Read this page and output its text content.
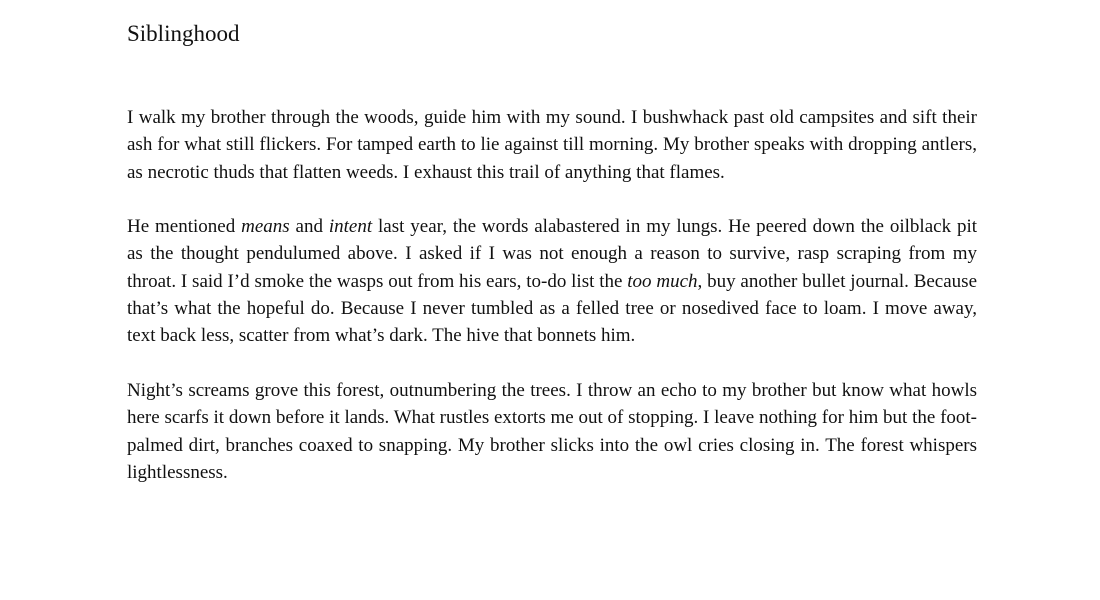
Siblinghood

I walk my brother through the woods, guide him with my sound. I bushwhack past old campsites and sift their ash for what still flickers. For tamped earth to lie against till morning. My brother speaks with dropping antlers, as necrotic thuds that flatten weeds. I exhaust this trail of anything that flames.

He mentioned means and intent last year, the words alabastered in my lungs. He peered down the oilblack pit as the thought pendulumed above. I asked if I was not enough a reason to survive, rasp scraping from my throat. I said I’d smoke the wasps out from his ears, to-do list the too much, buy another bullet journal. Because that’s what the hopeful do. Because I never tumbled as a felled tree or nosedived face to loam. I move away, text back less, scatter from what’s dark. The hive that bonnets him.

Night’s screams grove this forest, outnumbering the trees. I throw an echo to my brother but know what howls here scarfs it down before it lands. What rustles extorts me out of stopping. I leave nothing for him but the foot-palmed dirt, branches coaxed to snapping. My brother slicks into the owl cries closing in. The forest whispers lightlessness.
